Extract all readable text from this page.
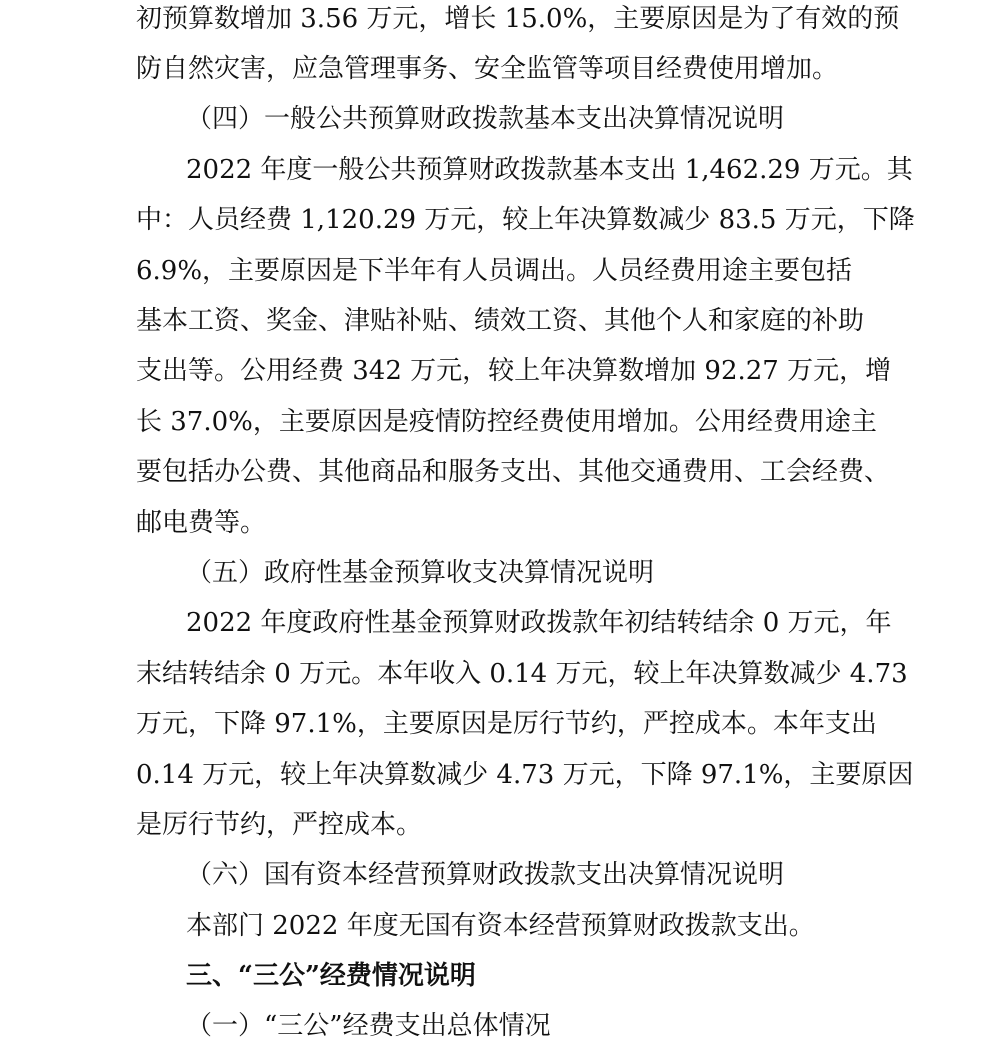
初预算数增加 3.56 万元，增长 15.0%，主要原因是为了有效的预

防自然灾害，应急管理事务、安全监管等项目经费使用增加。

（四）一般公共预算财政拨款基本支出决算情况说明

2022 年度一般公共预算财政拨款基本支出 1,462.29 万元。其

中：人员经费 1,120.29 万元，较上年决算数减少 83.5 万元，下降

6.9%，主要原因是下半年有人员调出。人员经费用途主要包括

基本工资、奖金、津贴补贴、绩效工资、其他个人和家庭的补助

支出等。公用经费 342 万元，较上年决算数增加 92.27 万元，增

长 37.0%，主要原因是疫情防控经费使用增加。公用经费用途主

要包括办公费、其他商品和服务支出、其他交通费用、工会经费、

邮电费等。

（五）政府性基金预算收支决算情况说明

2022 年度政府性基金预算财政拨款年初结转结余 0 万元，年

末结转结余 0 万元。本年收入 0.14 万元，较上年决算数减少 4.73

万元，下降 97.1%，主要原因是厉行节约，严控成本。本年支出

0.14 万元，较上年决算数减少 4.73 万元，下降 97.1%，主要原因

是厉行节约，严控成本。

（六）国有资本经营预算财政拨款支出决算情况说明

本部门 2022 年度无国有资本经营预算财政拨款支出。

三、“三公”经费情况说明

（一）“三公”经费支出总体情况
